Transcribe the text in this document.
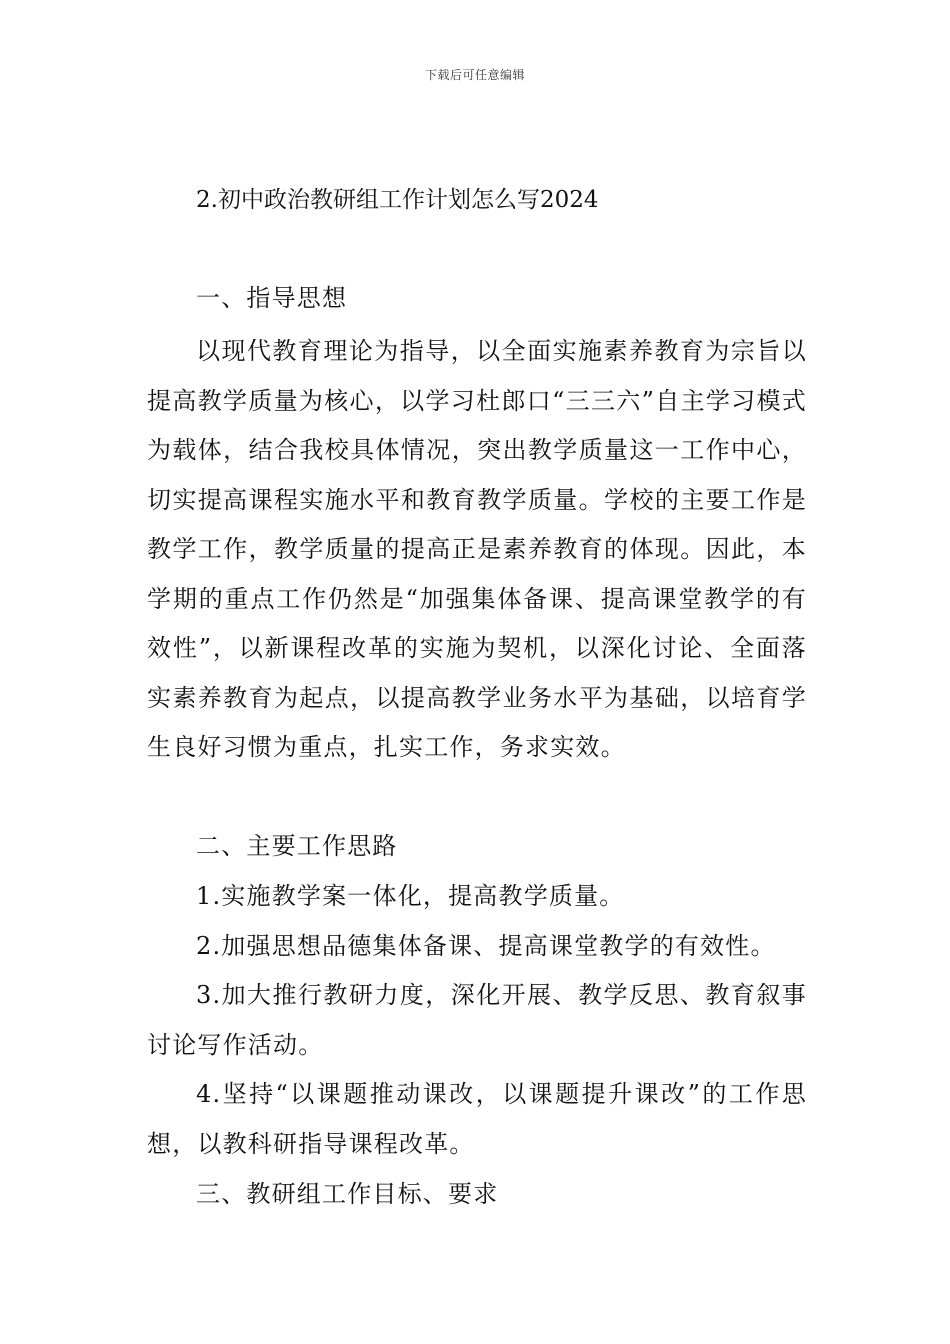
下载后可任意编辑
2.初中政治教研组工作计划怎么写2024
一、指导思想

以现代教育理论为指导，以全面实施素养教育为宗旨以提高教学质量为核心，以学习杜郎口“三三六”自主学习模式为载体，结合我校具体情况，突出教学质量这一工作中心，切实提高课程实施水平和教育教学质量。学校的主要工作是教学工作，教学质量的提高正是素养教育的体现。因此，本学期的重点工作仍然是“加强集体备课、提高课堂教学的有效性”，以新课程改革的实施为契机，以深化讨论、全面落实素养教育为起点，以提高教学业务水平为基础，以培育学生良好习惯为重点，扎实工作，务求实效。

二、主要工作思路

1.实施教学案一体化，提高教学质量。

2.加强思想品德集体备课、提高课堂教学的有效性。

3.加大推行教研力度，深化开展、教学反思、教育叙事讨论写作活动。

4.坚持“以课题推动课改，以课题提升课改”的工作思想，以教科研指导课程改革。

三、教研组工作目标、要求
